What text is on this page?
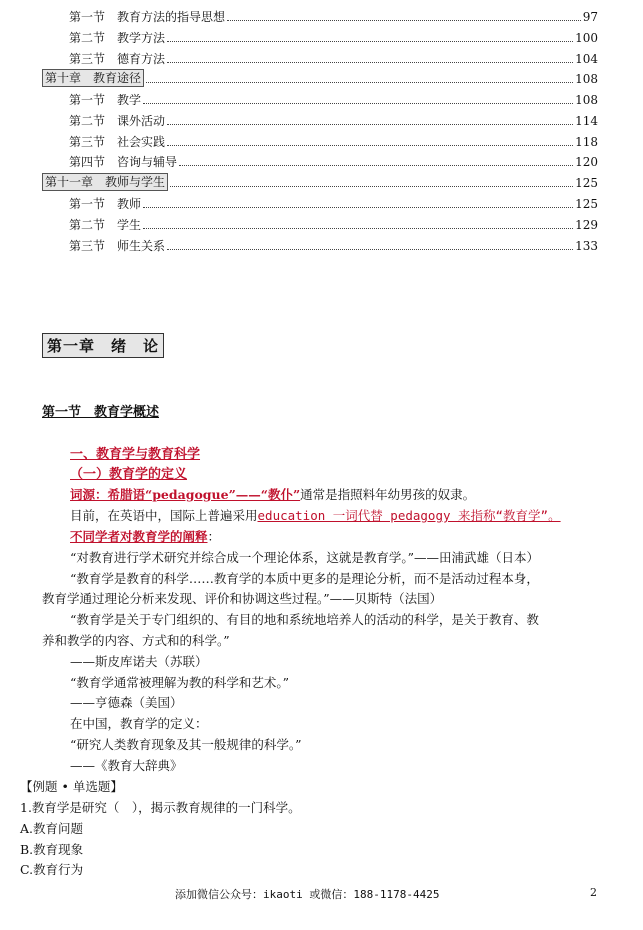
第一节　教育方法的指导思想	97
第二节　教学方法	100
第三节　德育方法	104
第十章　教育途径	108
第一节　教学	108
第二节　课外活动	114
第三节　社会实践	118
第四节　咨询与辅导	120
第十一章　教师与学生	125
第一节　教师	125
第二节　学生	129
第三节　师生关系	133
第一章　绪　论
第一节　教育学概述
一、教育学与教育科学
（一）教育学的定义
词源：希腊语“pedagogue”——“教仆”通常是指照料年幼男孩的奴隶。
目前，在英语中，国际上普遍采用education 一词代替 pedagogy 来指称“教育学”。
不同学者对教育学的阐释：
“对教育进行学术研究并综合成一个理论体系，这就是教育学。”——田浦武雄（日本）
“教育学是教育的科学……教育学的本质中更多的是理论分析，而不是活动过程本身，
教育学通过理论分析来发现、评价和协调这些过程。”——贝斯特（法国）
“教育学是关于专门组织的、有目的地和系统地培养人的活动的科学，是关于教育、教
养和教学的内容、方式和的科学。”
——斯皮库诺夫（苏联）
“教育学通常被理解为教的科学和艺术。”
——亨德森（美国）
在中国，教育学的定义：
“研究人类教育现象及其一般规律的科学。”
——《教育大辞典》
【例题 • 单选题】
1.教育学是研究（　），揭示教育规律的一门科学。
A.教育问题
B.教育现象
C.教育行为
添加微信公众号：ikaoti 或微信：188-1178-4425	2
